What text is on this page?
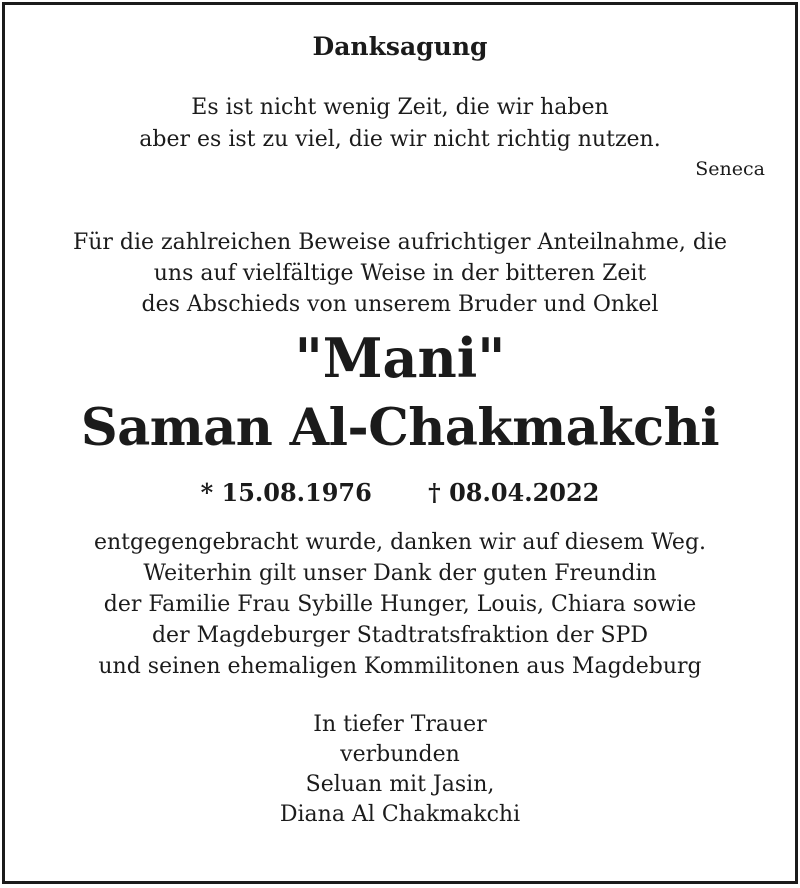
Danksagung
Es ist nicht wenig Zeit, die wir haben
aber es ist zu viel, die wir nicht richtig nutzen.
Seneca
Für die zahlreichen Beweise aufrichtiger Anteilnahme, die
uns auf vielfältige Weise in der bitteren Zeit
des Abschieds von unserem Bruder und Onkel
"Mani"
Saman Al-Chakmakchi
* 15.08.1976 † 08.04.2022
entgegengebracht wurde, danken wir auf diesem Weg.
Weiterhin gilt unser Dank der guten Freundin
der Familie Frau Sybille Hunger, Louis, Chiara sowie
der Magdeburger Stadtratsfraktion der SPD
und seinen ehemaligen Kommilitonen aus Magdeburg
In tiefer Trauer
verbunden
Seluan mit Jasin,
Diana Al Chakmakchi
